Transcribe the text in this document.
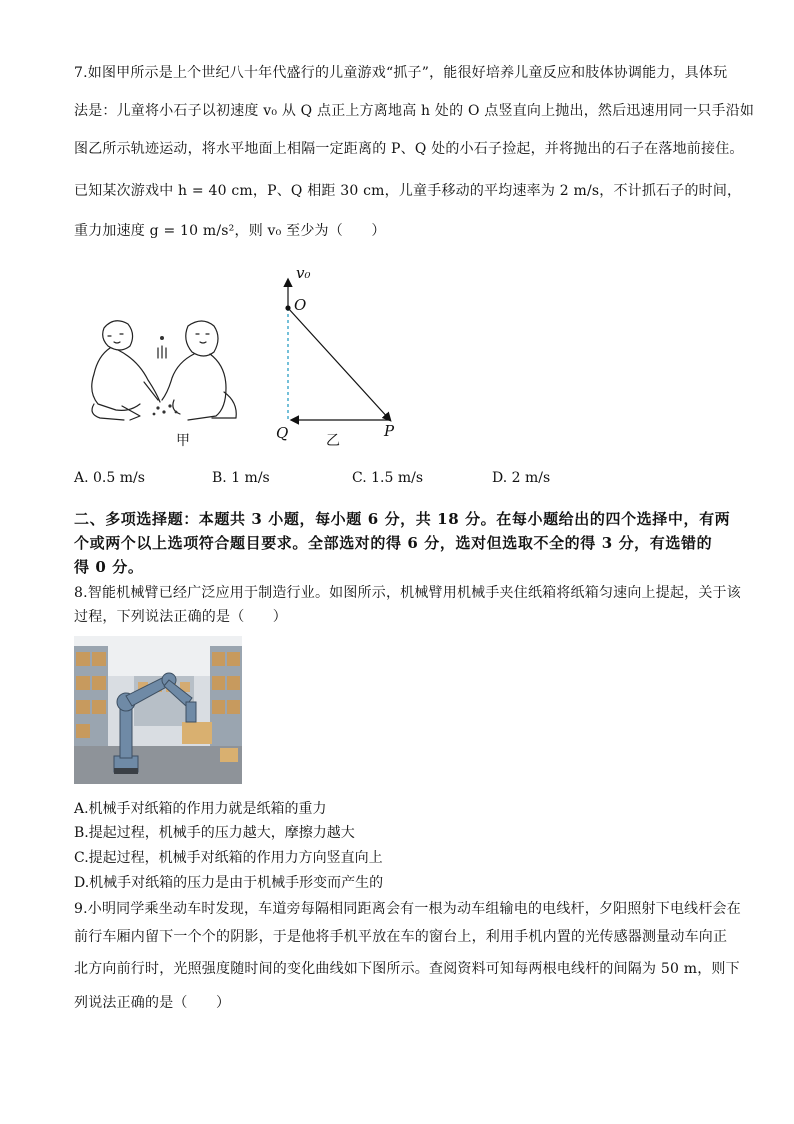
7.如图甲所示是上个世纪八十年代盛行的儿童游戏“抓子”，能很好培养儿童反应和肢体协调能力，具体玩
法是：儿童将小石子以初速度 v₀ 从 Q 点正上方离地高 h 处的 O 点竖直向上抛出，然后迅速用同一只手沿如
图乙所示轨迹运动，将水平地面上相隔一定距离的 P、Q 处的小石子捡起，并将抛出的石子在落地前接住。
已知某次游戏中 h = 40 cm，P、Q 相距 30 cm，儿童手移动的平均速率为 2 m/s，不计抓石子的时间，
重力加速度 g = 10 m/s²，则 v₀ 至少为（　　）
甲
v₀
O
Q	P
乙
A. 0.5 m/s	B. 1 m/s	C. 1.5 m/s	D. 2 m/s
二、多项选择题：本题共 3 小题，每小题 6 分，共 18 分。在每小题给出的四个选择中，有两
个或两个以上选项符合题目要求。全部选对的得 6 分，选对但选取不全的得 3 分，有选错的
得 0 分。
8.智能机械臂已经广泛应用于制造行业。如图所示，机械臂用机械手夹住纸箱将纸箱匀速向上提起，关于该
过程，下列说法正确的是（　　）
A.机械手对纸箱的作用力就是纸箱的重力
B.提起过程，机械手的压力越大，摩擦力越大
C.提起过程，机械手对纸箱的作用力方向竖直向上
D.机械手对纸箱的压力是由于机械手形变而产生的
9.小明同学乘坐动车时发现，车道旁每隔相同距离会有一根为动车组输电的电线杆，夕阳照射下电线杆会在
前行车厢内留下一个个的阴影，于是他将手机平放在车的窗台上，利用手机内置的光传感器测量动车向正
北方向前行时，光照强度随时间的变化曲线如下图所示。查阅资料可知每两根电线杆的间隔为 50 m，则下
列说法正确的是（　　）
